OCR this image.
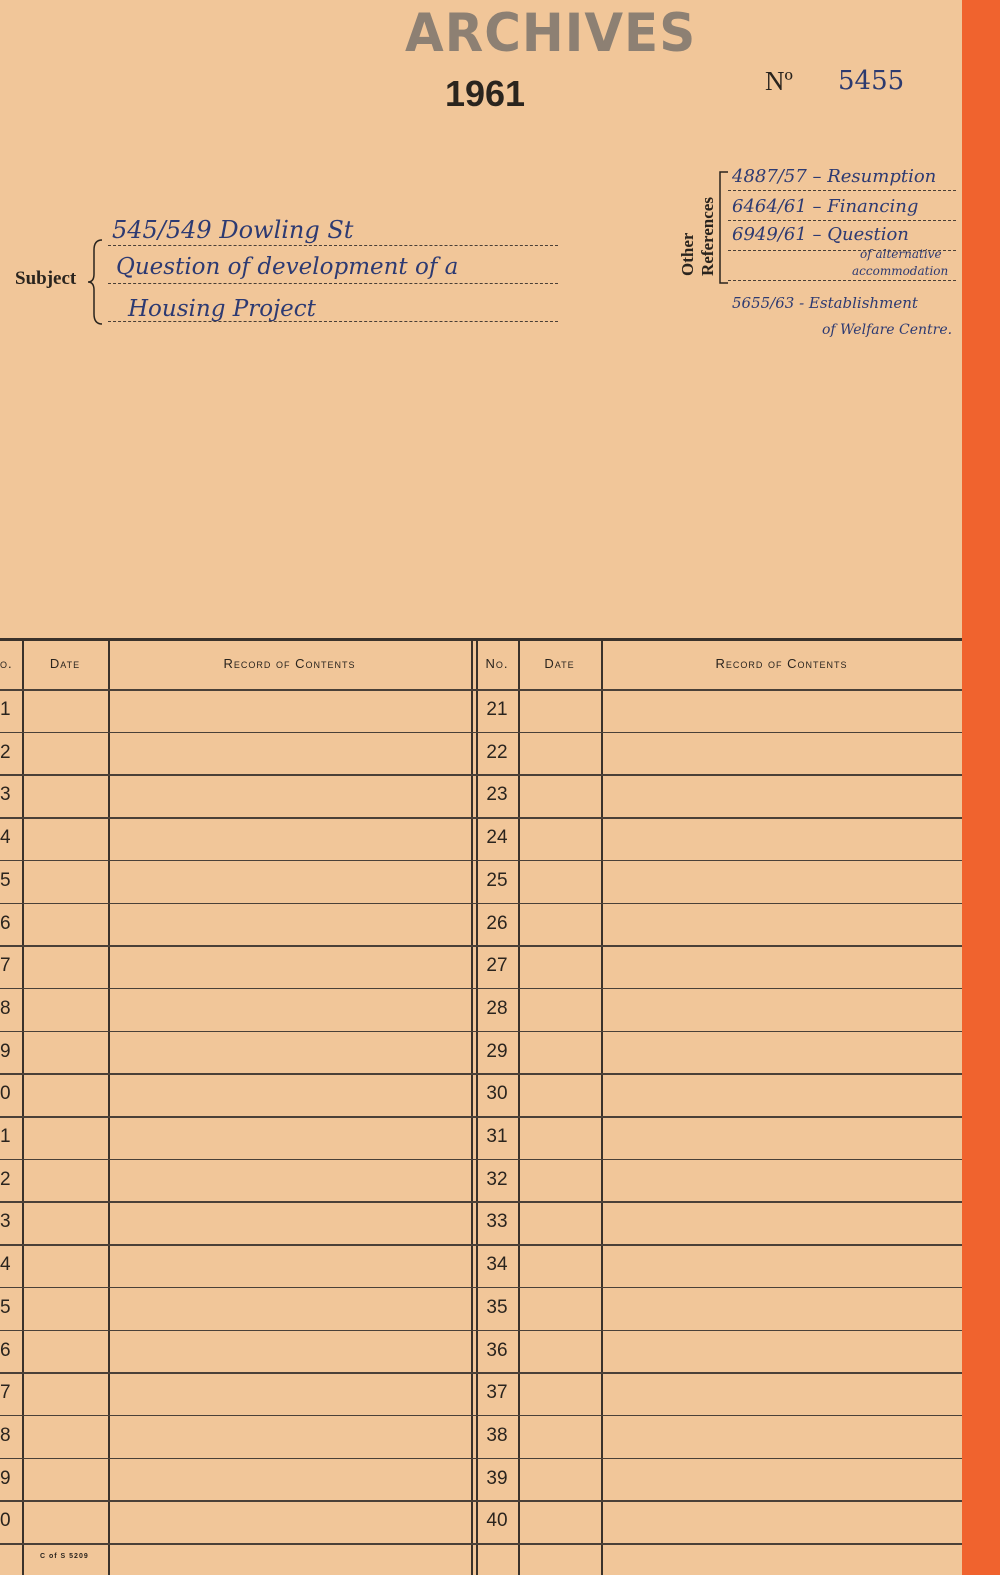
ARCHIVES
1961	Nº 5455
Subject
545/549 Dowling St
Question of development of a
Housing Project
Other References
4887/57 – Resumption
6464/61 – Financing
6949/61 – Question
of alternative
accommodation
5655/63 - Establishment
of Welfare Centre.
o.	Date	Record of Contents	No.	Date	Record of Contents
1	21
2	22
3	23
4	24
5	25
6	26
7	27
8	28
9	29
0	30
1	31
2	32
3	33
4	34
5	35
6	36
7	37
8	38
9	39
0	40
C of S 5209
